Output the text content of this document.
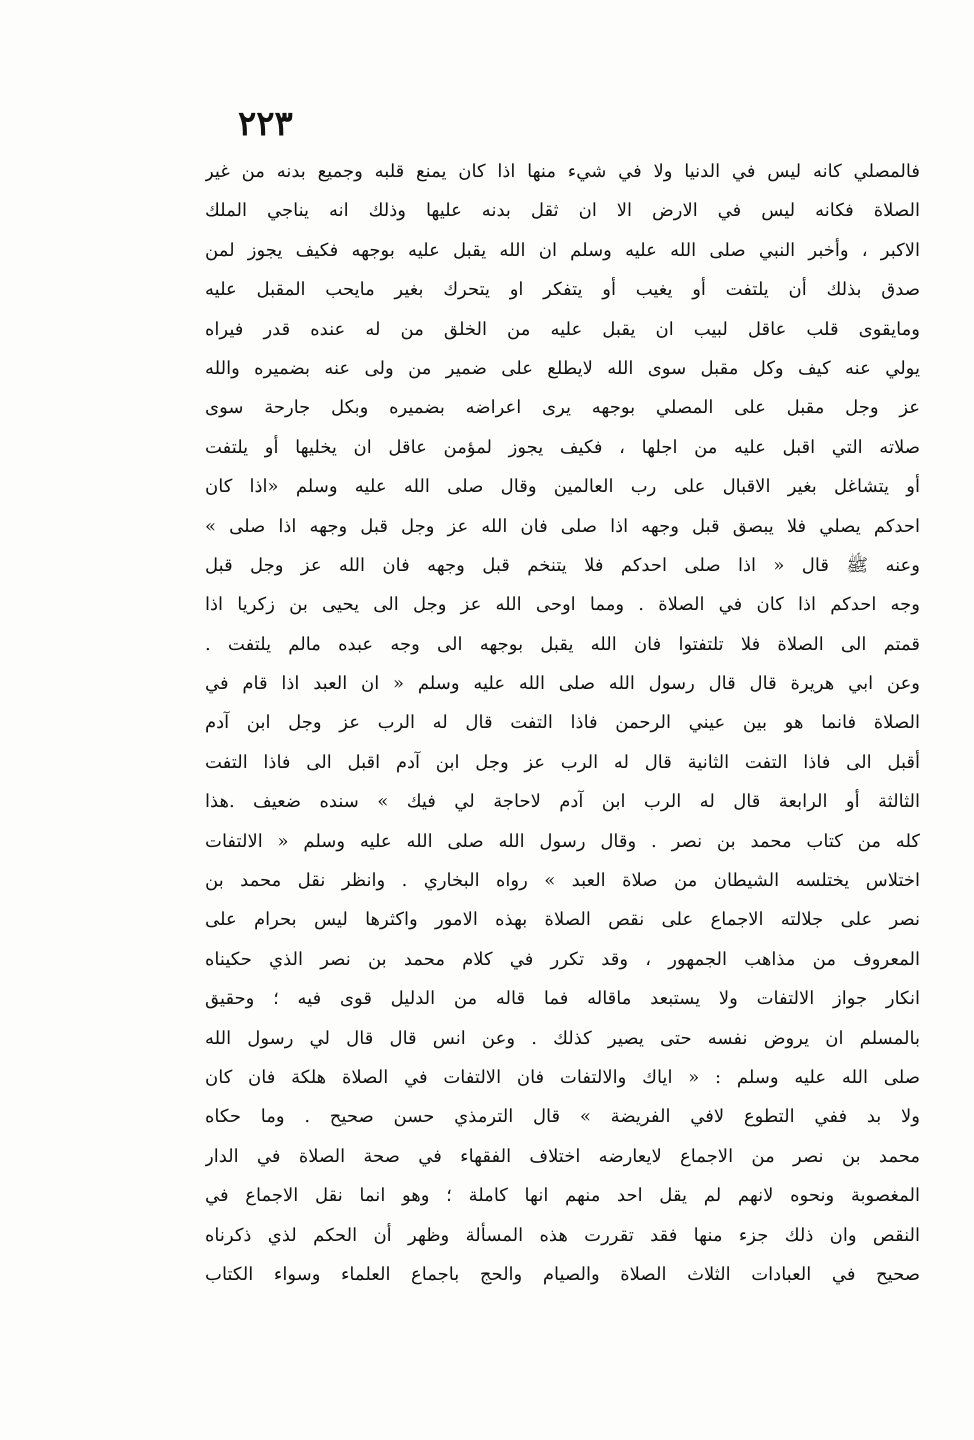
٢٢٣
فالمصلي كانه ليس في الدنيا ولا في شيء منها اذا كان يمنع قلبه وجميع بدنه من غير
الصلاة فكانه ليس في الارض الا ان ثقل بدنه عليها وذلك انه يناجي الملك
الاكبر ، وأخبر النبي صلى الله عليه وسلم ان الله يقبل عليه بوجهه فكيف يجوز لمن
صدق بذلك أن يلتفت أو يغيب أو يتفكر او يتحرك بغير مايحب المقبل عليه
ومايقوى قلب عاقل لبيب ان يقبل عليه من الخلق من له عنده قدر فيراه
يولي عنه كيف وكل مقبل سوى الله لايطلع على ضمير من ولى عنه بضميره والله
عز وجل مقبل على المصلي بوجهه يرى اعراضه بضميره وبكل جارحة سوى
صلاته التي اقبل عليه من اجلها ، فكيف يجوز لمؤمن عاقل ان يخليها أو يلتفت
أو يتشاغل بغير الاقبال على رب العالمين وقال صلى الله عليه وسلم «اذا كان
احدكم يصلي فلا يبصق قبل وجهه اذا صلى فان الله عز وجل قبل وجهه اذا صلى »
وعنه ﷺ قال « اذا صلى احدكم فلا يتنخم قبل وجهه فان الله عز وجل قبل
وجه احدكم اذا كان في الصلاة . ومما اوحى الله عز وجل الى يحيى بن زكريا اذا
قمتم الى الصلاة فلا تلتفتوا فان الله يقبل بوجهه الى وجه عبده مالم يلتفت .
وعن ابي هريرة قال قال رسول الله صلى الله عليه وسلم « ان العبد اذا قام في
الصلاة فانما هو بين عيني الرحمن فاذا التفت قال له الرب عز وجل ابن آدم
أقبل الى فاذا التفت الثانية قال له الرب عز وجل ابن آدم اقبل الى فاذا التفت
الثالثة أو الرابعة قال له الرب ابن آدم لاحاجة لي فيك » سنده ضعيف .هذا
كله من كتاب محمد بن نصر . وقال رسول الله صلى الله عليه وسلم « الالتفات
اختلاس يختلسه الشيطان من صلاة العبد » رواه البخاري . وانظر نقل محمد بن
نصر على جلالته الاجماع على نقص الصلاة بهذه الامور واكثرها ليس بحرام على
المعروف من مذاهب الجمهور ، وقد تكرر في كلام محمد بن نصر الذي حكيناه
انكار جواز الالتفات ولا يستبعد ماقاله فما قاله من الدليل قوى فيه ؛ وحقيق
بالمسلم ان يروض نفسه حتى يصير كذلك . وعن انس قال قال لي رسول الله
صلى الله عليه وسلم : « اياك والالتفات فان الالتفات في الصلاة هلكة فان كان
ولا بد ففي التطوع لافي الفريضة » قال الترمذي حسن صحيح . وما حكاه
محمد بن نصر من الاجماع لايعارضه اختلاف الفقهاء في صحة الصلاة في الدار
المغصوبة ونحوه لانهم لم يقل احد منهم انها كاملة ؛ وهو انما نقل الاجماع في
النقص وان ذلك جزء منها فقد تقررت هذه المسألة وظهر أن الحكم لذي ذكرناه
صحيح في العبادات الثلاث الصلاة والصيام والحج باجماع العلماء وسواء الكتاب
